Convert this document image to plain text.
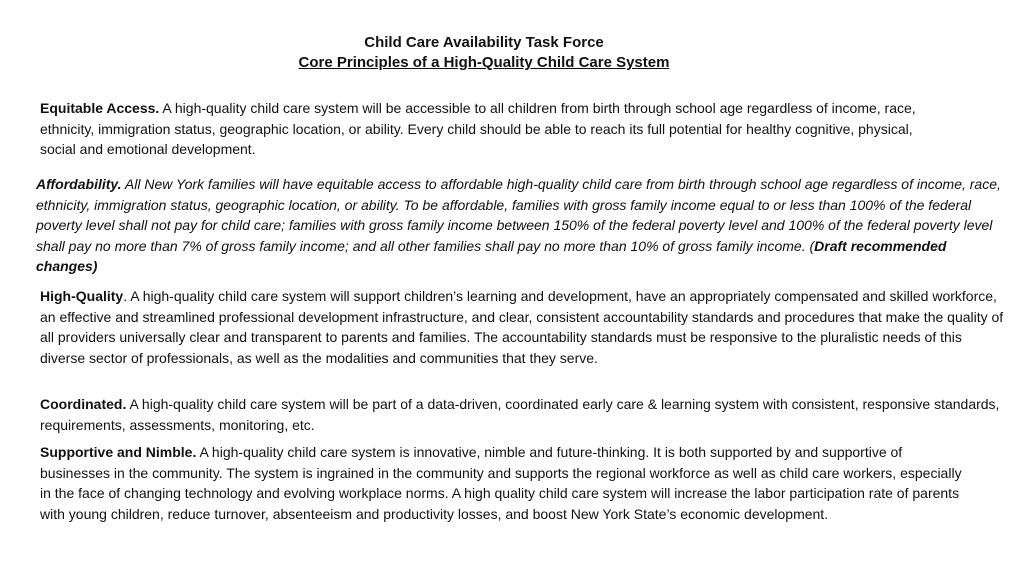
Child Care Availability Task Force
Core Principles of a High-Quality Child Care System

Equitable Access. A high-quality child care system will be accessible to all children from birth through school age regardless of income, race, ethnicity, immigration status, geographic location, or ability. Every child should be able to reach its full potential for healthy cognitive, physical, social and emotional development.

Affordability. All New York families will have equitable access to affordable high-quality child care from birth through school age regardless of income, race, ethnicity, immigration status, geographic location, or ability. To be affordable, families with gross family income equal to or less than 100% of the federal poverty level shall not pay for child care; families with gross family income between 150% of the federal poverty level and 100% of the federal poverty level shall pay no more than 7% of gross family income; and all other families shall pay no more than 10% of gross family income. (Draft recommended changes)

High-Quality. A high-quality child care system will support children’s learning and development, have an appropriately compensated and skilled workforce, an effective and streamlined professional development infrastructure, and clear, consistent accountability standards and procedures that make the quality of all providers universally clear and transparent to parents and families. The accountability standards must be responsive to the pluralistic needs of this diverse sector of professionals, as well as the modalities and communities that they serve.

Coordinated. A high-quality child care system will be part of a data-driven, coordinated early care & learning system with consistent, responsive standards, requirements, assessments, monitoring, etc.

Supportive and Nimble. A high-quality child care system is innovative, nimble and future-thinking. It is both supported by and supportive of businesses in the community. The system is ingrained in the community and supports the regional workforce as well as child care workers, especially in the face of changing technology and evolving workplace norms. A high quality child care system will increase the labor participation rate of parents with young children, reduce turnover, absenteeism and productivity losses, and boost New York State’s economic development.
